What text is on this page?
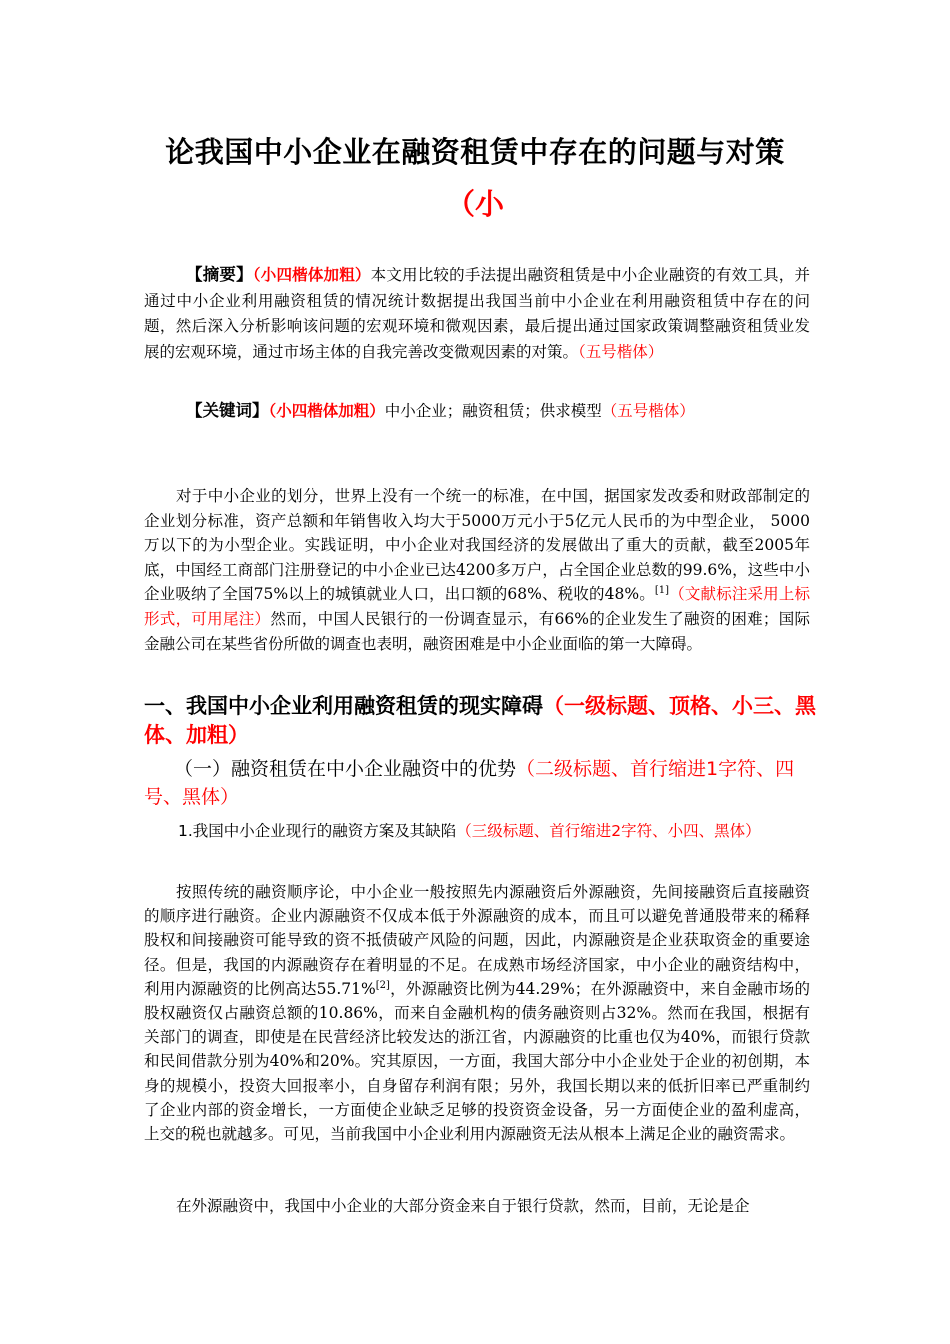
论我国中小企业在融资租赁中存在的问题与对策
（小
【摘要】（小四楷体加粗）本文用比较的手法提出融资租赁是中小企业融资的有效工具，并通过中小企业利用融资租赁的情况统计数据提出我国当前中小企业在利用融资租赁中存在的问题，然后深入分析影响该问题的宏观环境和微观因素，最后提出通过国家政策调整融资租赁业发展的宏观环境，通过市场主体的自我完善改变微观因素的对策。（五号楷体）
【关键词】（小四楷体加粗）中小企业；融资租赁；供求模型（五号楷体）
对于中小企业的划分，世界上没有一个统一的标准，在中国，据国家发改委和财政部制定的企业划分标准，资产总额和年销售收入均大于5000万元小于5亿元人民币的为中型企业， 5000万以下的为小型企业。实践证明，中小企业对我国经济的发展做出了重大的贡献，截至2005年底，中国经工商部门注册登记的中小企业已达4200多万户，占全国企业总数的99.6%，这些中小企业吸纳了全国75%以上的城镇就业人口，出口额的68%、税收的48%。[1]（文献标注采用上标形式，可用尾注）然而，中国人民银行的一份调查显示，有66%的企业发生了融资的困难；国际金融公司在某些省份所做的调查也表明，融资困难是中小企业面临的第一大障碍。
一、我国中小企业利用融资租赁的现实障碍（一级标题、顶格、小三、黑体、加粗）
（一）融资租赁在中小企业融资中的优势（二级标题、首行缩进1字符、四号、黑体）
1.我国中小企业现行的融资方案及其缺陷（三级标题、首行缩进2字符、小四、黑体）
按照传统的融资顺序论，中小企业一般按照先内源融资后外源融资，先间接融资后直接融资的顺序进行融资。企业内源融资不仅成本低于外源融资的成本，而且可以避免普通股带来的稀释股权和间接融资可能导致的资不抵债破产风险的问题，因此，内源融资是企业获取资金的重要途径。但是，我国的内源融资存在着明显的不足。在成熟市场经济国家，中小企业的融资结构中，利用内源融资的比例高达55.71%[2]，外源融资比例为44.29%；在外源融资中，来自金融市场的股权融资仅占融资总额的10.86%，而来自金融机构的债务融资则占32%。然而在我国，根据有关部门的调查，即使是在民营经济比较发达的浙江省，内源融资的比重也仅为40%，而银行贷款和民间借款分别为40%和20%。究其原因，一方面，我国大部分中小企业处于企业的初创期，本身的规模小，投资大回报率小，自身留存利润有限；另外，我国长期以来的低折旧率已严重制约了企业内部的资金增长，一方面使企业缺乏足够的投资资金设备，另一方面使企业的盈利虚高，上交的税也就越多。可见，当前我国中小企业利用内源融资无法从根本上满足企业的融资需求。
在外源融资中，我国中小企业的大部分资金来自于银行贷款，然而，目前，无论是企
